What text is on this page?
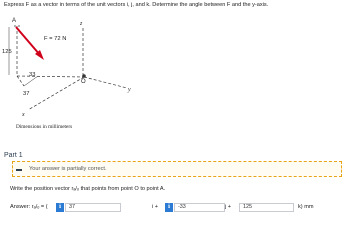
Express F as a vector in terms of the unit vectors i, j, and k. Determine the angle between F and the y-axis.
A	z
F = 72 N
125
33
37
O
y
x
Dimensions in millimeters
Part 1
Your answer is partially correct.
Write the position vector rₐ/ₒ that points from point O to point A.
Answer: rₐ/ₒ = (	i	37	i +	i	-33	j +	125	k) mm
